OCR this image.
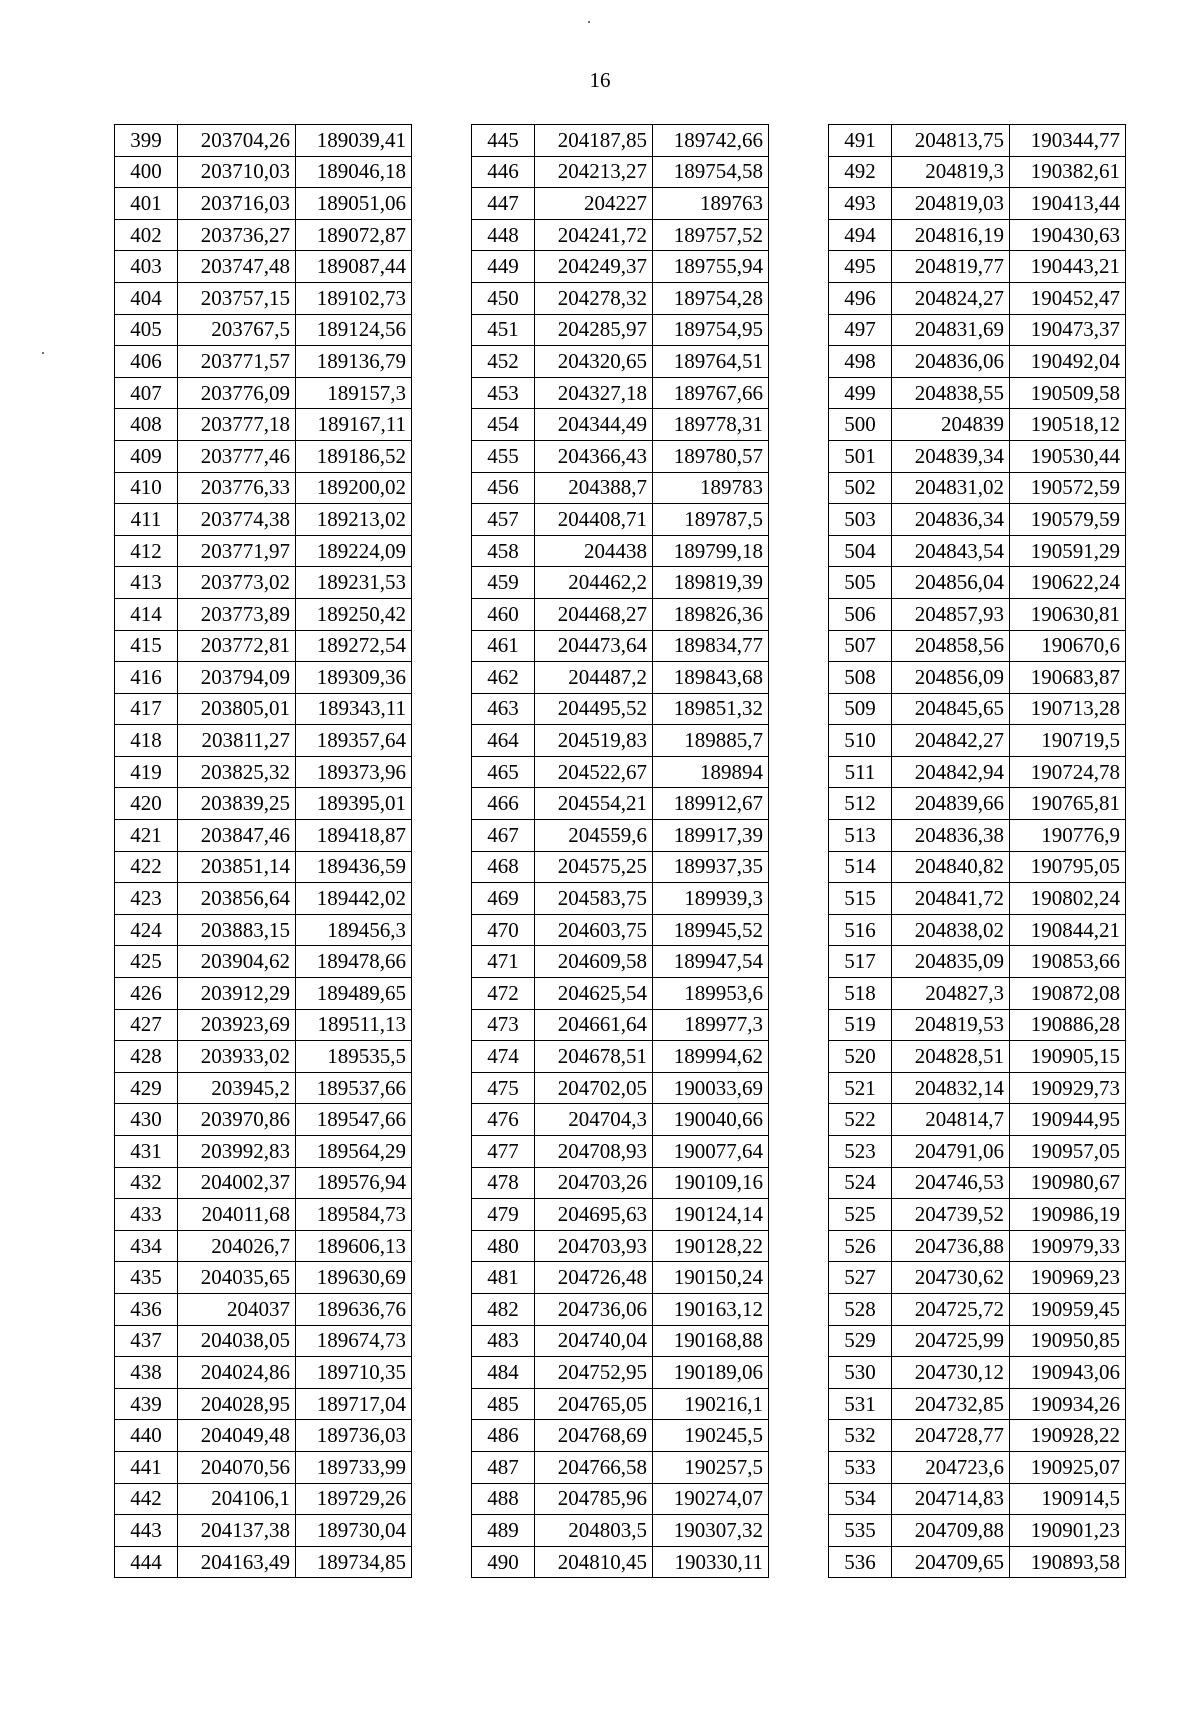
16
399	203704,26	189039,41
400	203710,03	189046,18
401	203716,03	189051,06
402	203736,27	189072,87
403	203747,48	189087,44
404	203757,15	189102,73
405	203767,5	189124,56
406	203771,57	189136,79
407	203776,09	189157,3
408	203777,18	189167,11
409	203777,46	189186,52
410	203776,33	189200,02
411	203774,38	189213,02
412	203771,97	189224,09
413	203773,02	189231,53
414	203773,89	189250,42
415	203772,81	189272,54
416	203794,09	189309,36
417	203805,01	189343,11
418	203811,27	189357,64
419	203825,32	189373,96
420	203839,25	189395,01
421	203847,46	189418,87
422	203851,14	189436,59
423	203856,64	189442,02
424	203883,15	189456,3
425	203904,62	189478,66
426	203912,29	189489,65
427	203923,69	189511,13
428	203933,02	189535,5
429	203945,2	189537,66
430	203970,86	189547,66
431	203992,83	189564,29
432	204002,37	189576,94
433	204011,68	189584,73
434	204026,7	189606,13
435	204035,65	189630,69
436	204037	189636,76
437	204038,05	189674,73
438	204024,86	189710,35
439	204028,95	189717,04
440	204049,48	189736,03
441	204070,56	189733,99
442	204106,1	189729,26
443	204137,38	189730,04
444	204163,49	189734,85
445	204187,85	189742,66
446	204213,27	189754,58
447	204227	189763
448	204241,72	189757,52
449	204249,37	189755,94
450	204278,32	189754,28
451	204285,97	189754,95
452	204320,65	189764,51
453	204327,18	189767,66
454	204344,49	189778,31
455	204366,43	189780,57
456	204388,7	189783
457	204408,71	189787,5
458	204438	189799,18
459	204462,2	189819,39
460	204468,27	189826,36
461	204473,64	189834,77
462	204487,2	189843,68
463	204495,52	189851,32
464	204519,83	189885,7
465	204522,67	189894
466	204554,21	189912,67
467	204559,6	189917,39
468	204575,25	189937,35
469	204583,75	189939,3
470	204603,75	189945,52
471	204609,58	189947,54
472	204625,54	189953,6
473	204661,64	189977,3
474	204678,51	189994,62
475	204702,05	190033,69
476	204704,3	190040,66
477	204708,93	190077,64
478	204703,26	190109,16
479	204695,63	190124,14
480	204703,93	190128,22
481	204726,48	190150,24
482	204736,06	190163,12
483	204740,04	190168,88
484	204752,95	190189,06
485	204765,05	190216,1
486	204768,69	190245,5
487	204766,58	190257,5
488	204785,96	190274,07
489	204803,5	190307,32
490	204810,45	190330,11
491	204813,75	190344,77
492	204819,3	190382,61
493	204819,03	190413,44
494	204816,19	190430,63
495	204819,77	190443,21
496	204824,27	190452,47
497	204831,69	190473,37
498	204836,06	190492,04
499	204838,55	190509,58
500	204839	190518,12
501	204839,34	190530,44
502	204831,02	190572,59
503	204836,34	190579,59
504	204843,54	190591,29
505	204856,04	190622,24
506	204857,93	190630,81
507	204858,56	190670,6
508	204856,09	190683,87
509	204845,65	190713,28
510	204842,27	190719,5
511	204842,94	190724,78
512	204839,66	190765,81
513	204836,38	190776,9
514	204840,82	190795,05
515	204841,72	190802,24
516	204838,02	190844,21
517	204835,09	190853,66
518	204827,3	190872,08
519	204819,53	190886,28
520	204828,51	190905,15
521	204832,14	190929,73
522	204814,7	190944,95
523	204791,06	190957,05
524	204746,53	190980,67
525	204739,52	190986,19
526	204736,88	190979,33
527	204730,62	190969,23
528	204725,72	190959,45
529	204725,99	190950,85
530	204730,12	190943,06
531	204732,85	190934,26
532	204728,77	190928,22
533	204723,6	190925,07
534	204714,83	190914,5
535	204709,88	190901,23
536	204709,65	190893,58
